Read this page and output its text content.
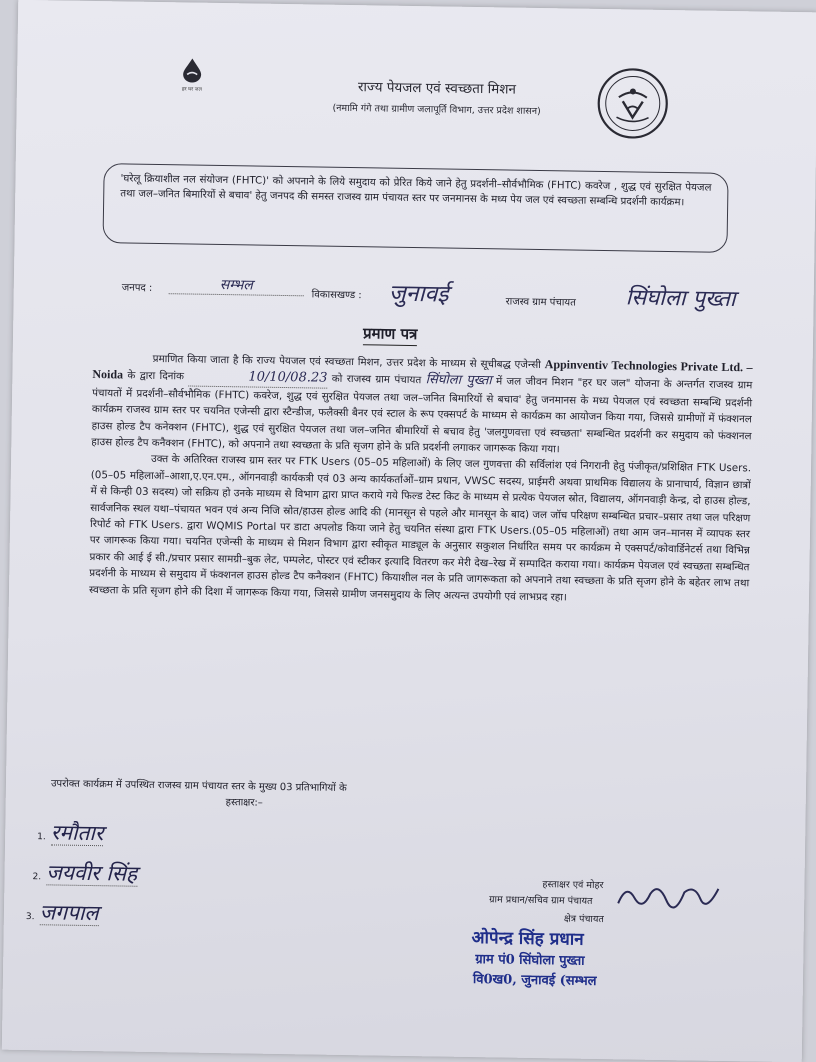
हर घर जल	राज्य पेयजल एवं स्वच्छता मिशन
(नमामि गंगे तथा ग्रामीण जलापूर्ति विभाग, उत्तर प्रदेश शासन)
'घरेलू क्रियाशील नल संयोजन (FHTC)' को अपनाने के लिये समुदाय को प्रेरित किये जाने हेतु प्रदर्शनी–सौर्वभौमिक (FHTC) कवरेज , शुद्ध एवं सुरक्षित पेयजल तथा जल–जनित बिमारियों से बचाव' हेतु जनपद की समस्त राजस्व ग्राम पंचायत स्तर पर जनमानस के मध्य पेय जल एवं स्वच्छता सम्बन्धि प्रदर्शनी कार्यक्रम।
जनपद :	सम्भल
विकासखण्ड : जुनावई	राजस्व ग्राम पंचायत सिंघोला पुख्ता
प्रमाण पत्र

प्रमाणित किया जाता है कि राज्य पेयजल एवं स्वच्छता मिशन, उत्तर प्रदेश के माध्यम से सूचीबद्ध एजेन्सी Appinventiv Technologies Private Ltd. – Noida के द्वारा दिनांक	10/10/08.23 को राजस्व ग्राम पंचायत सिंघोला पुख्ता में जल जीवन मिशन "हर घर जल" योजना के अन्तर्गत राजस्व ग्राम पंचायतों में प्रदर्शनी–सौर्वभौमिक (FHTC) कवरेज, शुद्ध एवं सुरक्षित पेयजल तथा जल–जनित बिमारियों से बचाव' हेतु जनमानस के मध्य पेयजल एवं स्वच्छता सम्बन्धि प्रदर्शनी कार्यक्रम राजस्व ग्राम स्तर पर चयनित एजेन्सी द्वारा स्टैन्डीज, फलैक्सी बैनर एवं स्टाल के रूप एक्सपर्ट के माध्यम से कार्यक्रम का आयोजन किया गया, जिससे ग्रामीणों में फंक्शनल हाउस होल्ड टैप कनेक्शन (FHTC), शुद्ध एवं सुरक्षित पेयजल तथा जल–जनित बीमारियों से बचाव हेतु 'जलगुणवत्ता एवं स्वच्छता' सम्बन्धित प्रदर्शनी कर समुदाय को फंक्शनल हाउस होल्ड टैप कनैक्शन (FHTC), को अपनाने तथा स्वच्छता के प्रति सृजग होने के प्रति प्रदर्शनी लगाकर जागरूक किया गया।

उक्त के अतिरिक्त राजस्व ग्राम स्तर पर FTK Users (05–05 महिलाओं) के लिए जल गुणवत्ता की सर्विलांश एवं निगरानी हेतु पंजीकृत/प्रशिक्षित FTK Users.(05–05 महिलाओं–आशा,ए.एन.एम., ऑगनवाड़ी कार्यकत्री एवं 03 अन्य कार्यकर्ताओं–ग्राम प्रधान, VWSC सदस्य, प्राईमरी अथवा प्राथमिक विद्यालय के प्रानाचार्य, विज्ञान छात्रों में से किन्ही 03 सदस्य) जो सक्रिय हो उनके माध्यम से विभाग द्वारा प्राप्त कराये गये फिल्ड टेस्ट किट के माध्यम से प्रत्येक पेयजल स्रोत, विद्यालय, ऑगनवाड़ी केन्द्र, दो हाउस होल्ड, सार्वजनिक स्थल यथा–पंचायत भवन एवं अन्य निजि स्रोत/हाउस होल्ड आदि की (मानसून से पहले और मानसून के बाद) जल जॉच परिक्षण सम्बन्धित प्रचार–प्रसार तथा जल परिक्षण रिपोर्ट को FTK Users. द्वारा WQMIS Portal पर डाटा अपलोड किया जाने हेतु चयनित संस्था द्वारा FTK Users.(05–05 महिलाओं) तथा आम जन–मानस में व्यापक स्तर पर जागरूक किया गया। चयनित एजेन्सी के माध्यम से मिशन विभाग द्वारा स्वीकृत माड्यूल के अनुसार सकुशल निर्धारित समय पर कार्यक्रम मे एक्सपर्ट/कोवार्डिनेटर्स तथा विभिन्न प्रकार की आई ई सी./प्रचार प्रसार सामग्री–बुक लेट, पम्पलेट, पोस्टर एवं स्टीकर इत्यादि वितरण कर मेरी देख–रेख में सम्पादित कराया गया। कार्यक्रम पेयजल एवं स्वच्छता सम्बन्धित प्रदर्शनी के माध्यम से समुदाय में फंक्शनल हाउस होल्ड टैप कनैक्शन (FHTC) कियाशील नल के प्रति जागरूकता को अपनाने तथा स्वच्छता के प्रति सृजग होने के बहेतर लाभ तथा स्वच्छता के प्रति सृजग होने की दिशा में जागरूक किया गया, जिससे ग्रामीण जनसमुदाय के लिए अत्यन्त उपयोगी एवं लाभप्रद रहा।

उपरोक्त कार्यक्रम में उपस्थित राजस्व ग्राम पंचायत स्तर के मुख्य 03 प्रतिभागियों के
हस्ताक्षर:–
1. रमौतार
2. जयवीर सिंह
3. जगपाल
हस्ताक्षर एवं मोहर
ग्राम प्रधान/सचिव ग्राम पंचायत
क्षेत्र पंचायत
ओपेन्द्र सिंह प्रधान
ग्राम पं0 सिंघोला पुख्ता
वि0ख0, जुनावई (सम्भल
